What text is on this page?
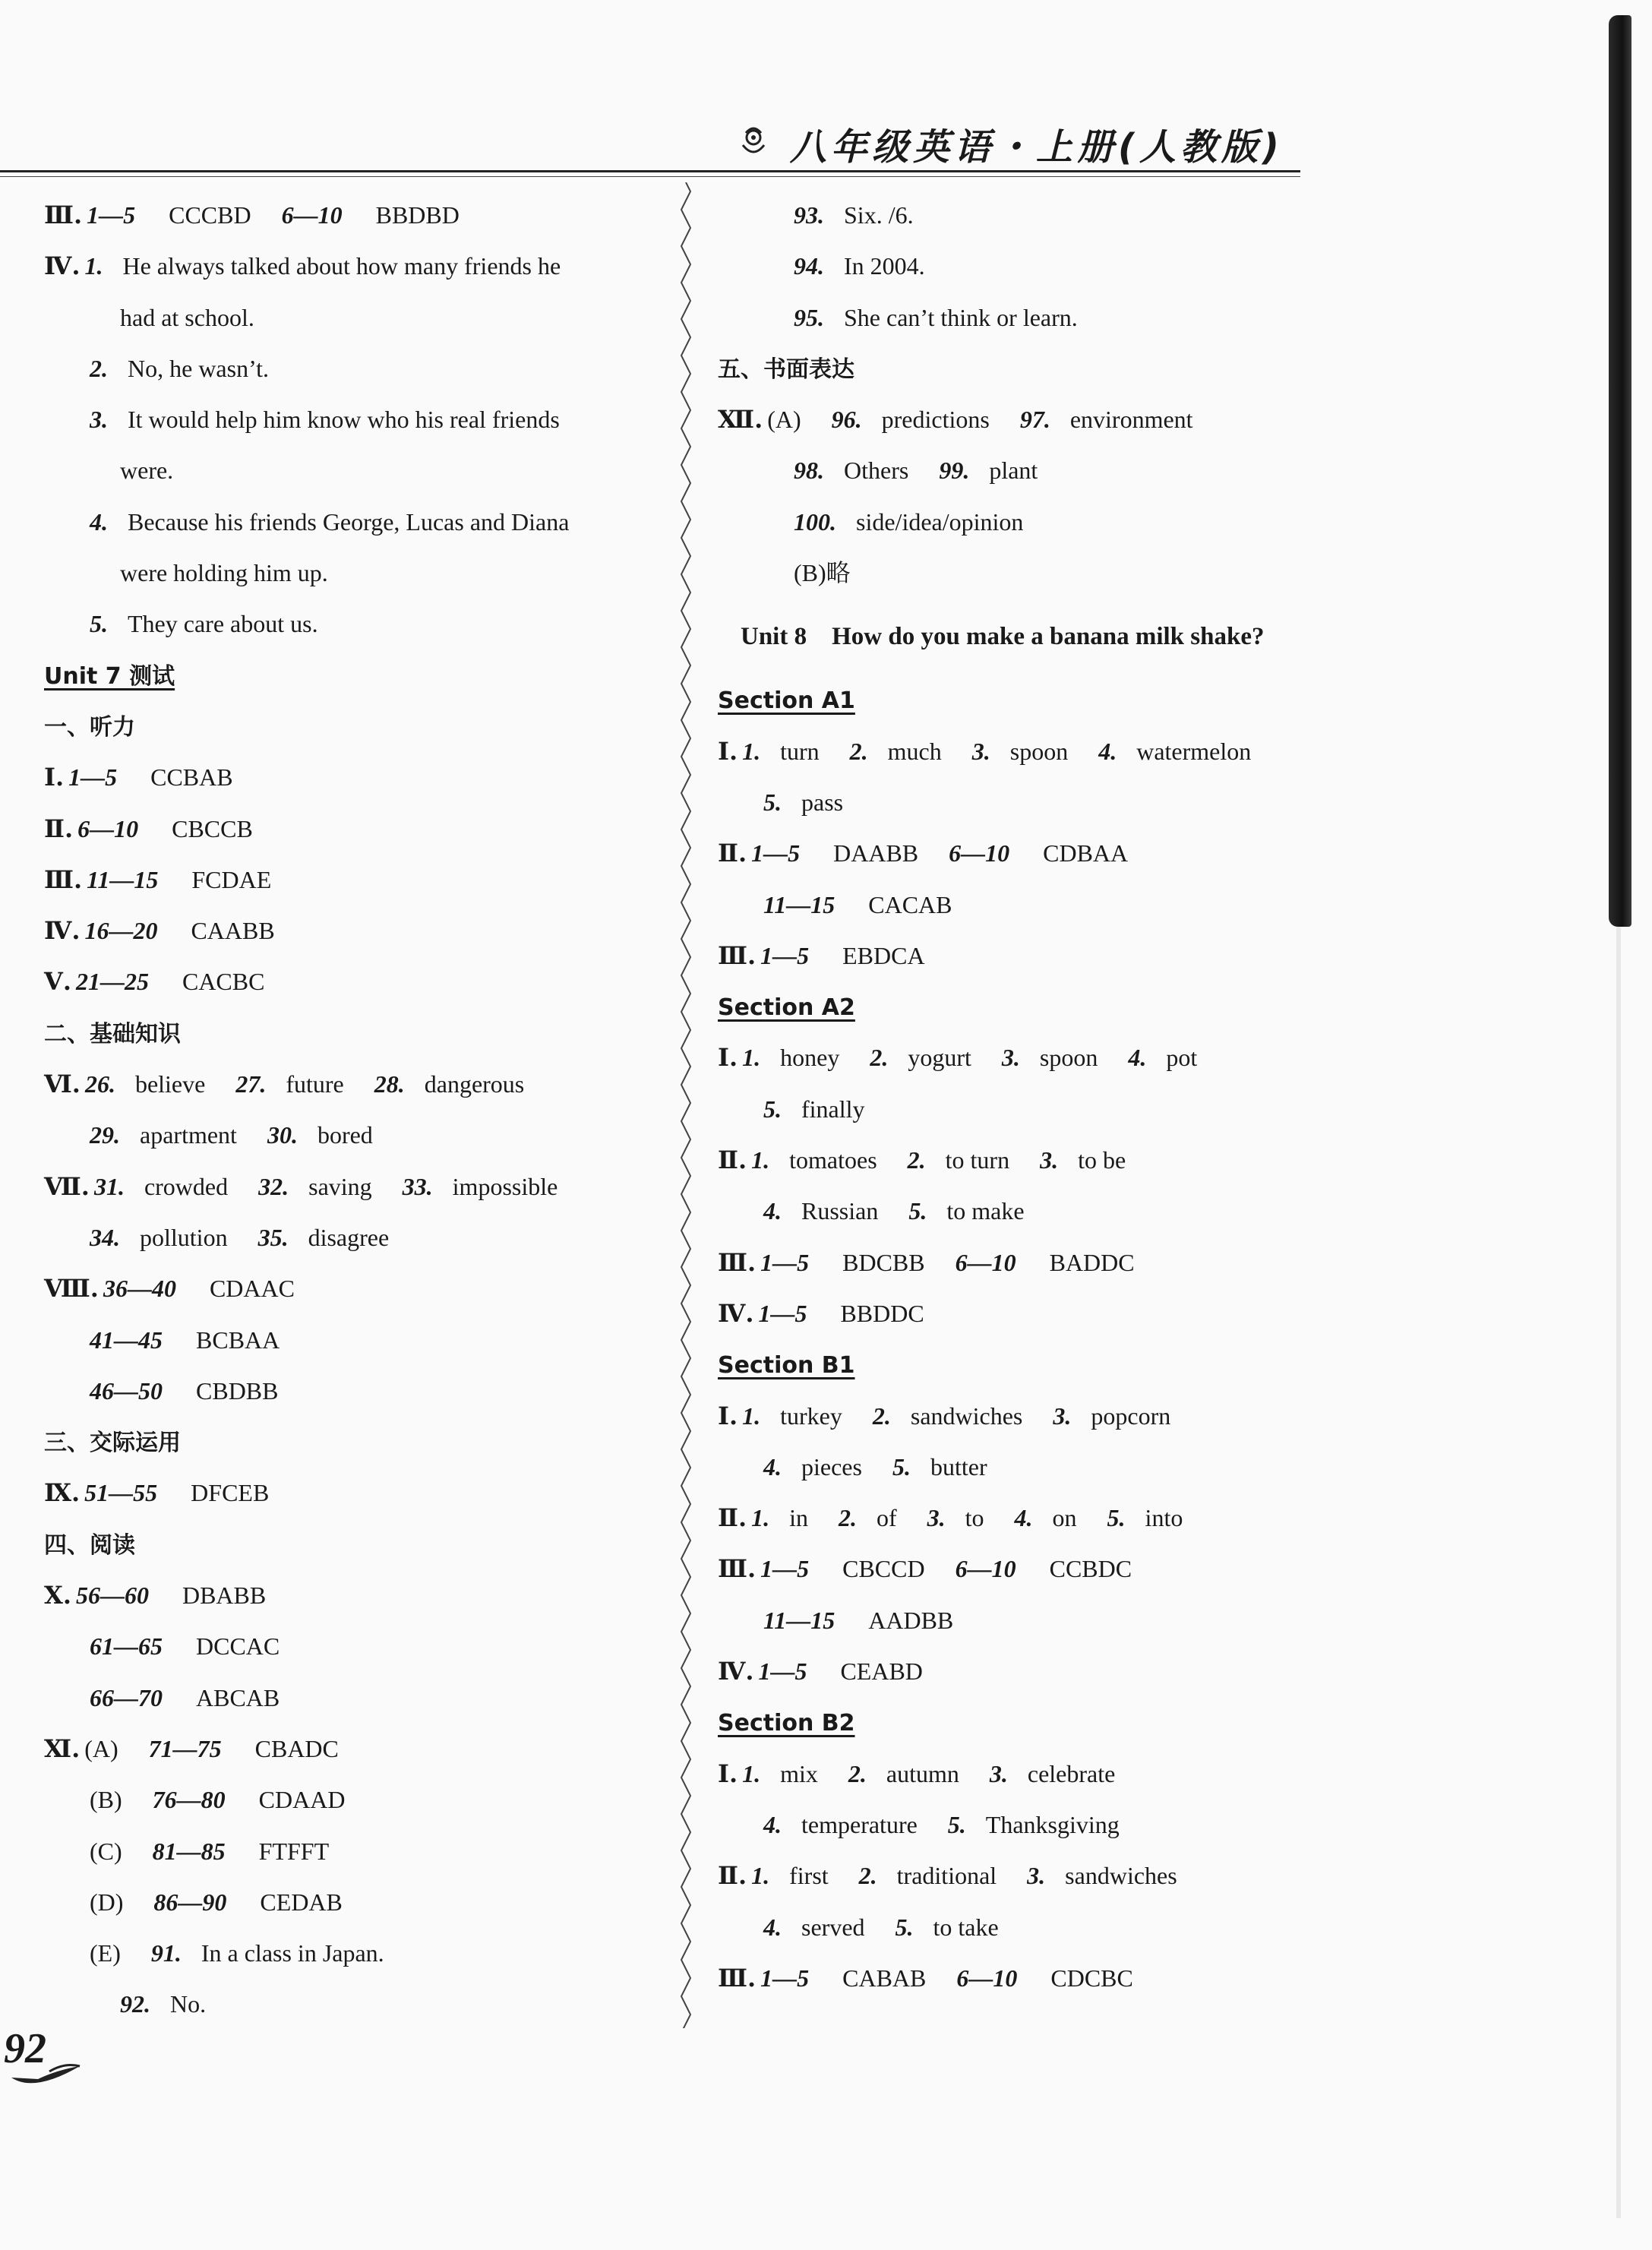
八年级英语・上册(人教版)
Ⅲ. 1—5 CCCBD 6—10 BBDBD
Ⅳ. 1. He always talked about how many friends he
had at school.
2. No, he wasn’t.
3. It would help him know who his real friends
were.
4. Because his friends George, Lucas and Diana
were holding him up.
5. They care about us.
Unit 7 测试
一、听力
Ⅰ. 1—5 CCBAB
Ⅱ. 6—10 CBCCB
Ⅲ. 11—15 FCDAE
Ⅳ. 16—20 CAABB
Ⅴ. 21—25 CACBC
二、基础知识
Ⅵ. 26. believe 27. future 28. dangerous
29. apartment 30. bored
Ⅶ. 31. crowded 32. saving 33. impossible
34. pollution 35. disagree
Ⅷ. 36—40 CDAAC
41—45 BCBAA
46—50 CBDBB
三、交际运用
Ⅸ. 51—55 DFCEB
四、阅读
Ⅹ. 56—60 DBABB
61—65 DCCAC
66—70 ABCAB
Ⅺ. (A) 71—75 CBADC
(B) 76—80 CDAAD
(C) 81—85 FTFFT
(D) 86—90 CEDAB
(E) 91. In a class in Japan.
92. No.
93. Six. /6.
94. In 2004.
95. She can’t think or learn.
五、书面表达
Ⅻ. (A) 96. predictions 97. environment
98. Others 99. plant
100. side/idea/opinion
(B)略
Unit 8    How do you make a banana milk shake?
Section A1
Ⅰ. 1. turn 2. much 3. spoon 4. watermelon
5. pass
Ⅱ. 1—5 DAABB 6—10 CDBAA
11—15 CACAB
Ⅲ. 1—5 EBDCA
Section A2
Ⅰ. 1. honey 2. yogurt 3. spoon 4. pot
5. finally
Ⅱ. 1. tomatoes 2. to turn 3. to be
4. Russian 5. to make
Ⅲ. 1—5 BDCBB 6—10 BADDC
Ⅳ. 1—5 BBDDC
Section B1
Ⅰ. 1. turkey 2. sandwiches 3. popcorn
4. pieces 5. butter
Ⅱ. 1. in 2. of 3. to 4. on 5. into
Ⅲ. 1—5 CBCCD 6—10 CCBDC
11—15 AADBB
Ⅳ. 1—5 CEABD
Section B2
Ⅰ. 1. mix 2. autumn 3. celebrate
4. temperature 5. Thanksgiving
Ⅱ. 1. first 2. traditional 3. sandwiches
4. served 5. to take
Ⅲ. 1—5 CABAB 6—10 CDCBC
92
